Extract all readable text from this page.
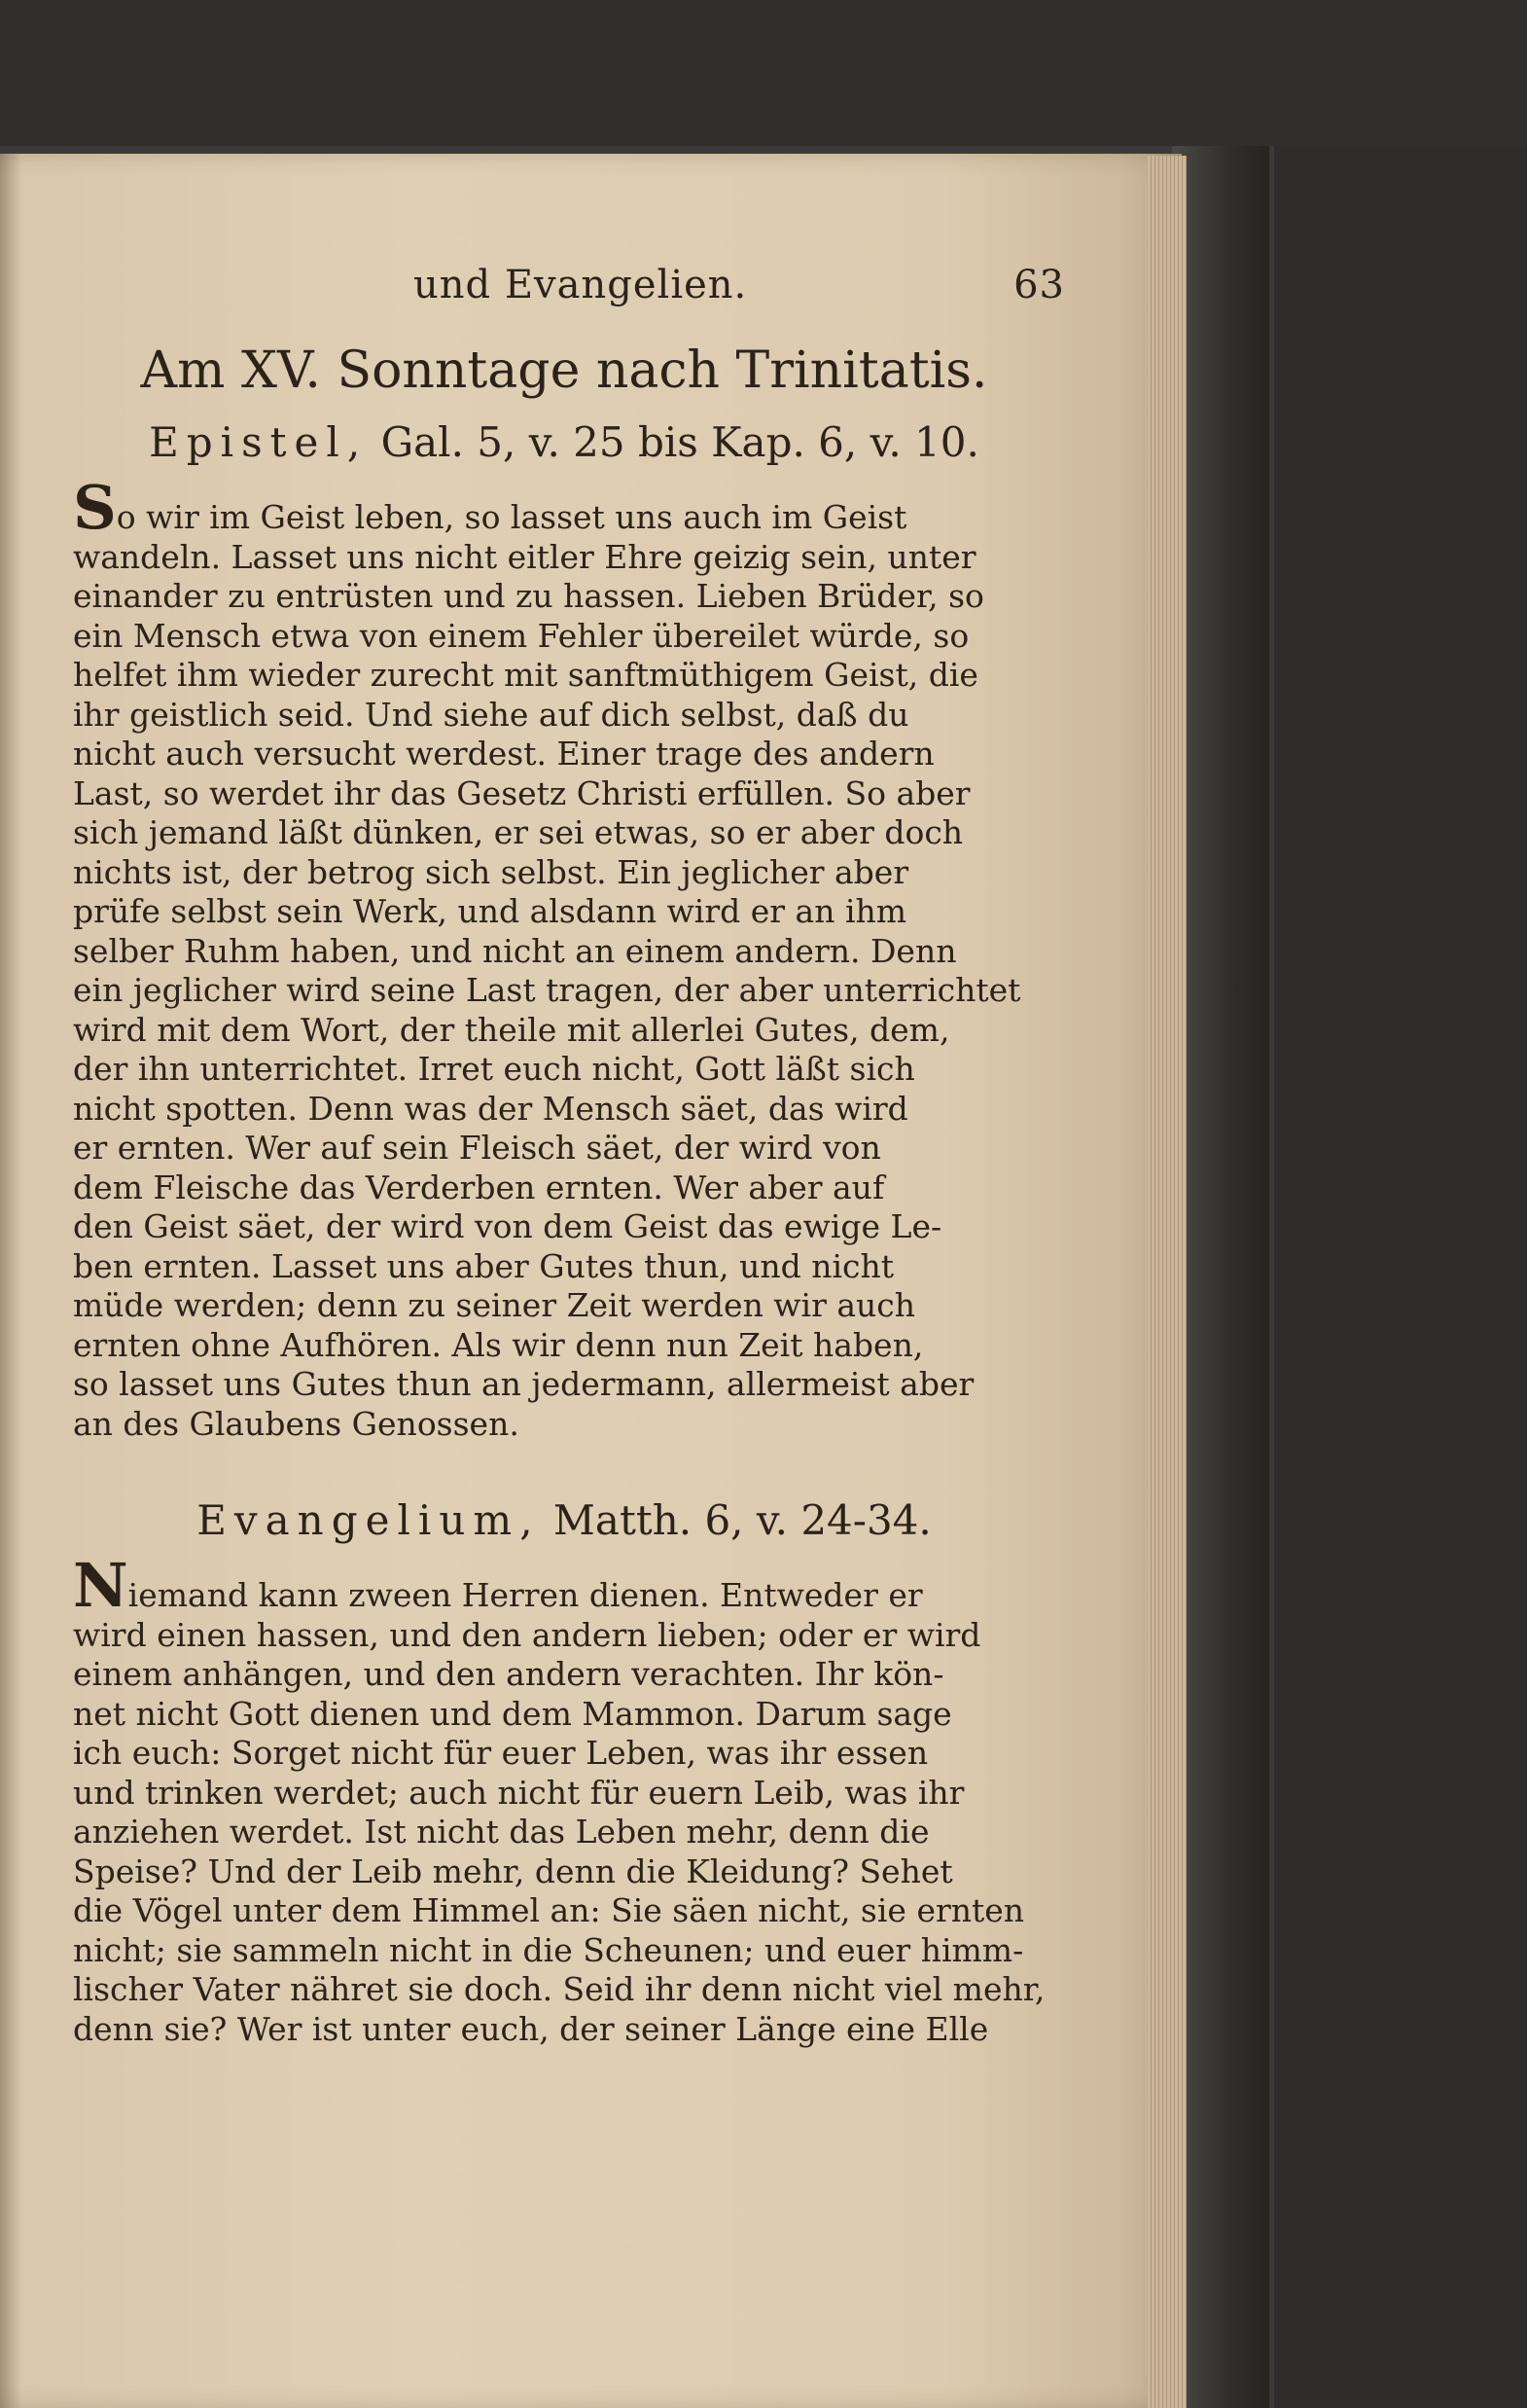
und Evangelien.	63
Am XV. Sonntage nach Trinitatis.
Epistel, Gal. 5, v. 25 bis Kap. 6, v. 10.
So wir im Geist leben, so lasset uns auch im Geist
wandeln. Lasset uns nicht eitler Ehre geizig sein, unter
einander zu entrüsten und zu hassen. Lieben Brüder, so
ein Mensch etwa von einem Fehler übereilet würde, so
helfet ihm wieder zurecht mit sanftmüthigem Geist, die
ihr geistlich seid. Und siehe auf dich selbst, daß du
nicht auch versucht werdest. Einer trage des andern
Last, so werdet ihr das Gesetz Christi erfüllen. So aber
sich jemand läßt dünken, er sei etwas, so er aber doch
nichts ist, der betrog sich selbst. Ein jeglicher aber
prüfe selbst sein Werk, und alsdann wird er an ihm
selber Ruhm haben, und nicht an einem andern. Denn
ein jeglicher wird seine Last tragen, der aber unterrichtet
wird mit dem Wort, der theile mit allerlei Gutes, dem,
der ihn unterrichtet. Irret euch nicht, Gott läßt sich
nicht spotten. Denn was der Mensch säet, das wird
er ernten. Wer auf sein Fleisch säet, der wird von
dem Fleische das Verderben ernten. Wer aber auf
den Geist säet, der wird von dem Geist das ewige Le-
ben ernten. Lasset uns aber Gutes thun, und nicht
müde werden; denn zu seiner Zeit werden wir auch
ernten ohne Aufhören. Als wir denn nun Zeit haben,
so lasset uns Gutes thun an jedermann, allermeist aber
an des Glaubens Genossen.
Evangelium, Matth. 6, v. 24-34.
Niemand kann zween Herren dienen. Entweder er
wird einen hassen, und den andern lieben; oder er wird
einem anhängen, und den andern verachten. Ihr kön-
net nicht Gott dienen und dem Mammon. Darum sage
ich euch: Sorget nicht für euer Leben, was ihr essen
und trinken werdet; auch nicht für euern Leib, was ihr
anziehen werdet. Ist nicht das Leben mehr, denn die
Speise? Und der Leib mehr, denn die Kleidung? Sehet
die Vögel unter dem Himmel an: Sie säen nicht, sie ernten
nicht; sie sammeln nicht in die Scheunen; und euer himm-
lischer Vater nähret sie doch. Seid ihr denn nicht viel mehr,
denn sie? Wer ist unter euch, der seiner Länge eine Elle
